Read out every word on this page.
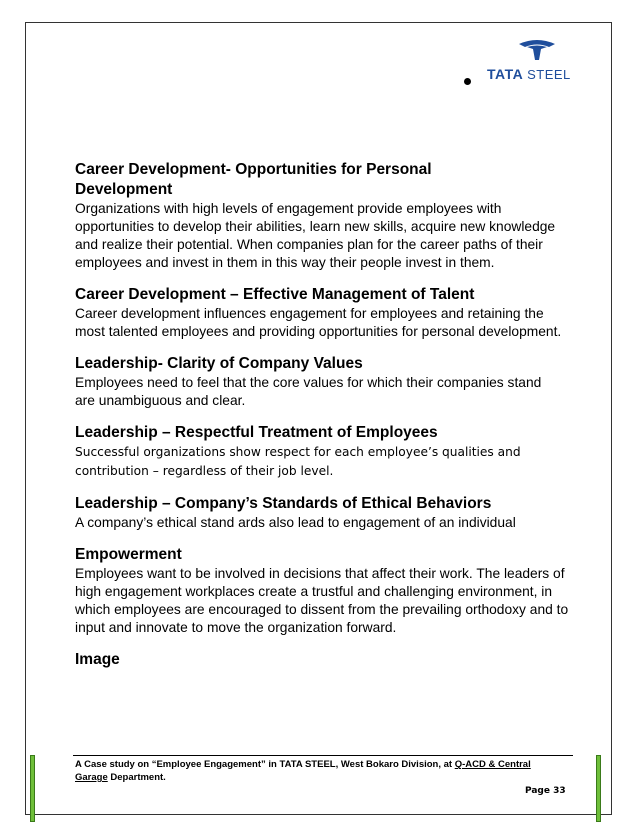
TATA STEEL

Career Development- Opportunities for Personal Development

Organizations with high levels of engagement provide employees with opportunities to develop their abilities, learn new skills, acquire new knowledge and realize their potential. When companies plan for the career paths of their employees and invest in them in this way their people invest in them.

Career Development – Effective Management of Talent

Career development influences engagement for employees and retaining the most talented employees and providing opportunities for personal development.

Leadership- Clarity of Company Values

Employees need to feel that the core values for which their companies stand are unambiguous and clear.

Leadership – Respectful Treatment of Employees

Successful organizations show respect for each employee’s qualities and contribution – regardless of their job level.

Leadership – Company’s Standards of Ethical Behaviors

A company’s ethical stand ards also lead to engagement of an individual

Empowerment

Employees want to be involved in decisions that affect their work. The leaders of high engagement workplaces create a trustful and challenging environment, in which employees are encouraged to dissent from the prevailing orthodoxy and to input and innovate to move the organization forward.

Image

A Case study on “Employee Engagement” in TATA STEEL, West Bokaro Division, at Q-ACD & Central Garage Department.
Page 33
